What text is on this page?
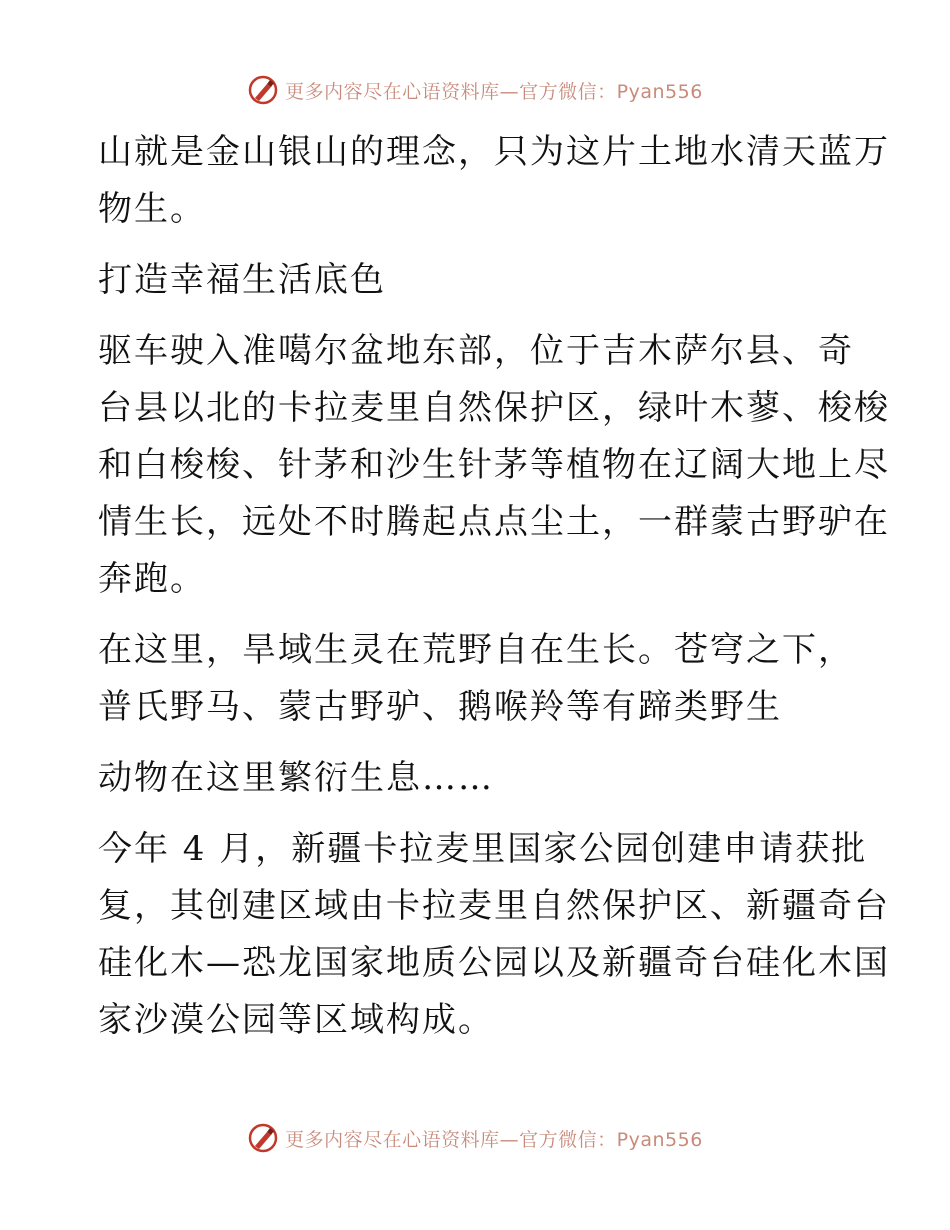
更多内容尽在心语资料库—官方微信：Pyan556

山就是金山银山的理念，只为这片土地水清天蓝万
物生。

打造幸福生活底色

驱车驶入准噶尔盆地东部，位于吉木萨尔县、奇
台县以北的卡拉麦里自然保护区，绿叶木蓼、梭梭
和白梭梭、针茅和沙生针茅等植物在辽阔大地上尽
情生长，远处不时腾起点点尘土，一群蒙古野驴在
奔跑。

在这里，旱域生灵在荒野自在生长。苍穹之下，
普氏野马、蒙古野驴、鹅喉羚等有蹄类野生

动物在这里繁衍生息……

今年 4 月，新疆卡拉麦里国家公园创建申请获批
复，其创建区域由卡拉麦里自然保护区、新疆奇台
硅化木—恐龙国家地质公园以及新疆奇台硅化木国
家沙漠公园等区域构成。

更多内容尽在心语资料库—官方微信：Pyan556
